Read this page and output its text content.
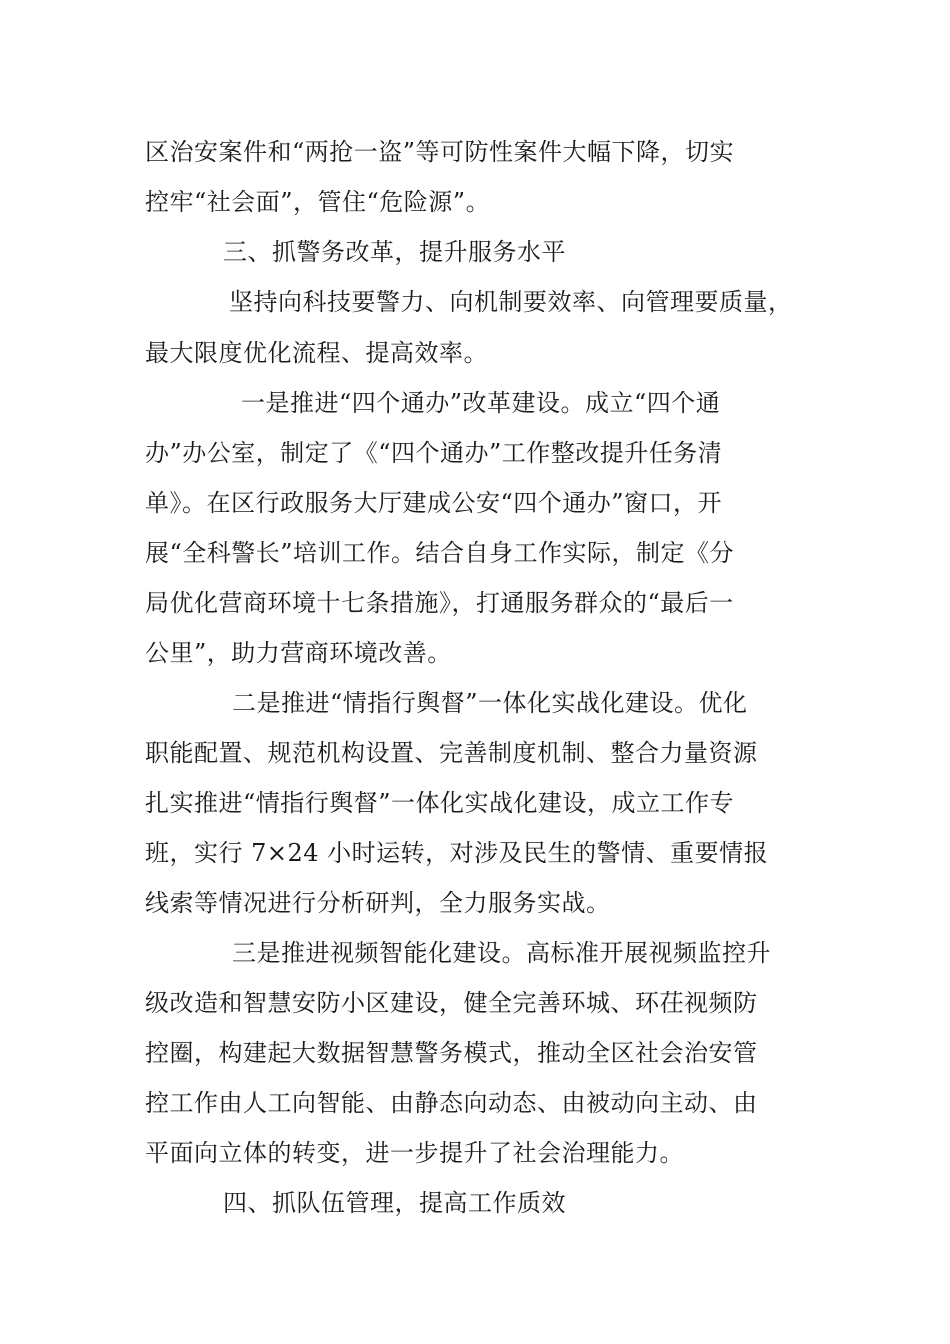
区治安案件和“两抢一盗”等可防性案件大幅下降，切实
控牢“社会面”，管住“危险源”。
三、抓警务改革，提升服务水平
坚持向科技要警力、向机制要效率、向管理要质量，
最大限度优化流程、提高效率。
一是推进“四个通办”改革建设。成立“四个通
办”办公室，制定了《“四个通办”工作整改提升任务清
单》。在区行政服务大厅建成公安“四个通办”窗口，开
展“全科警长”培训工作。结合自身工作实际，制定《分
局优化营商环境十七条措施》，打通服务群众的“最后一
公里”，助力营商环境改善。
二是推进“情指行舆督”一体化实战化建设。优化
职能配置、规范机构设置、完善制度机制、整合力量资源
扎实推进“情指行舆督”一体化实战化建设，成立工作专
班，实行 7×24 小时运转，对涉及民生的警情、重要情报
线索等情况进行分析研判，全力服务实战。
三是推进视频智能化建设。高标准开展视频监控升
级改造和智慧安防小区建设，健全完善环城、环茌视频防
控圈，构建起大数据智慧警务模式，推动全区社会治安管
控工作由人工向智能、由静态向动态、由被动向主动、由
平面向立体的转变，进一步提升了社会治理能力。
四、抓队伍管理，提高工作质效
